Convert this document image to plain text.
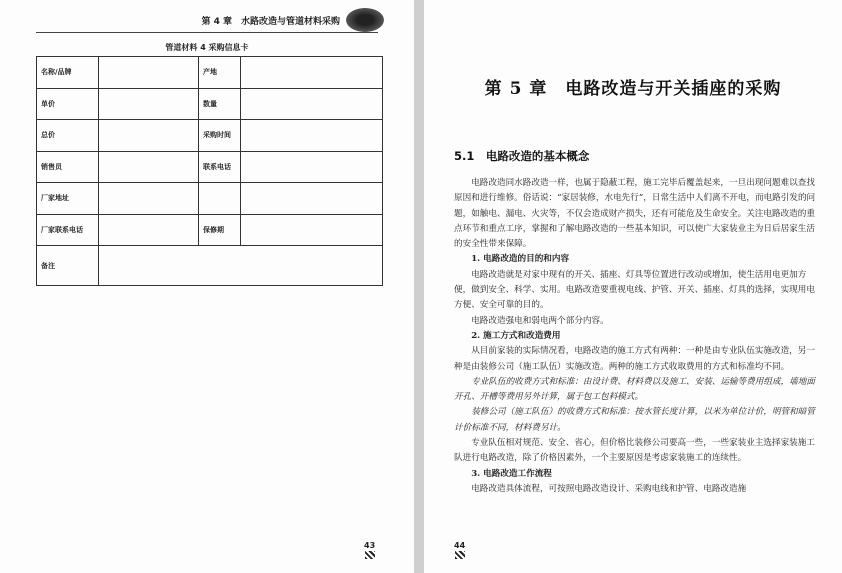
第 4 章　水路改造与管道材料采购
管道材料 4 采购信息卡
名称/品牌		产地	
单价		数量	
总价		采购时间	
销售员		联系电话	
厂家地址			
厂家联系电话		保修期	
备注			
43
第 5 章　电路改造与开关插座的采购
5.1　电路改造的基本概念

电路改造同水路改造一样，也属于隐蔽工程，施工完毕后覆盖起来，一旦出现问题难以查找原因和进行维修。俗话说：“家居装修，水电先行”，日常生活中人们离不开电，而电路引发的问题，如触电、漏电、火灾等，不仅会造成财产损失，还有可能危及生命安全。关注电路改造的重点环节和重点工序，掌握和了解电路改造的一些基本知识，可以使广大家装业主为日后居家生活的安全性带来保障。

1. 电路改造的目的和内容

电路改造就是对家中现有的开关、插座、灯具等位置进行改动或增加，使生活用电更加方便，做到安全、科学、实用。电路改造要重视电线、护管、开关、插座、灯具的选择，实现用电方便、安全可靠的目的。

电路改造强电和弱电两个部分内容。

2. 施工方式和改造费用

从目前家装的实际情况看，电路改造的施工方式有两种：一种是由专业队伍实施改造，另一种是由装修公司（施工队伍）实施改造。两种的施工方式收取费用的方式和标准均不同。

专业队伍的收费方式和标准：由设计费、材料费以及施工、安装、运输等费用组成，墙地面开孔、开槽等费用另外计算，属于包工包料模式。

装修公司（施工队伍）的收费方式和标准：按水管长度计算，以米为单位计价，明管和暗管计价标准不同，材料费另计。

专业队伍相对规范、安全、省心，但价格比装修公司要高一些，一些家装业主选择家装施工队进行电路改造，除了价格因素外，一个主要原因是考虑家装施工的连续性。

3. 电路改造工作流程

电路改造具体流程，可按照电路改造设计、采购电线和护管、电路改造施

44
